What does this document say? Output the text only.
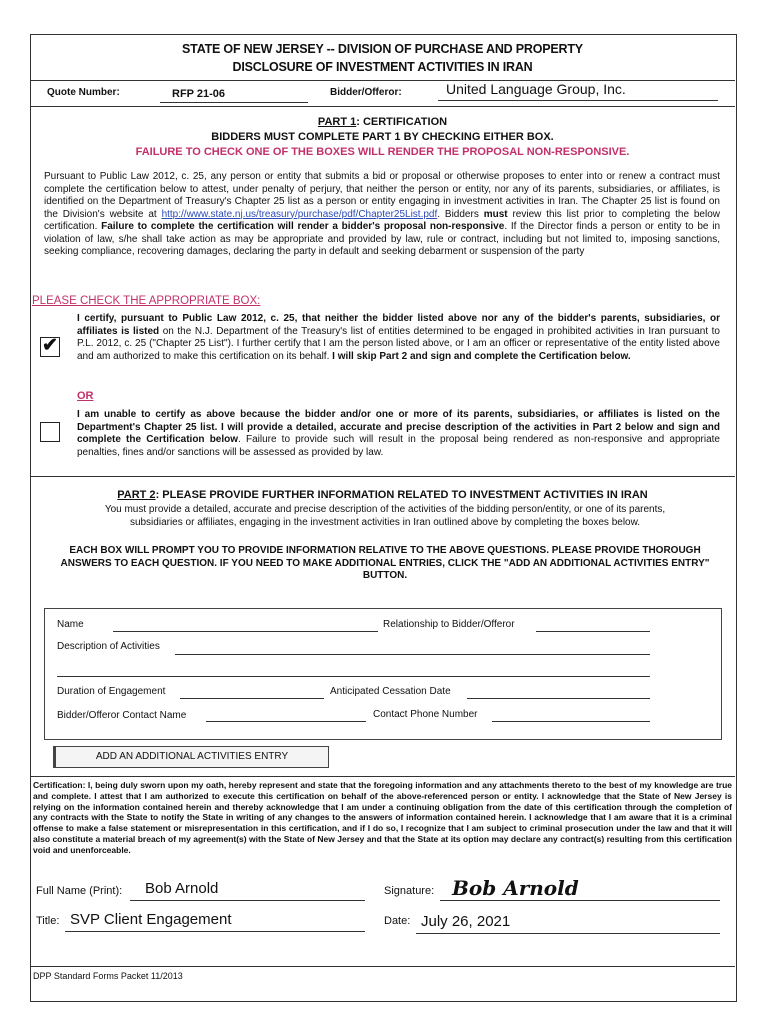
STATE OF NEW JERSEY -- DIVISION OF PURCHASE AND PROPERTY
DISCLOSURE OF INVESTMENT ACTIVITIES IN IRAN
Quote Number:	RFP 21-06	Bidder/Offeror:	United Language Group, Inc.
PART 1: CERTIFICATION
BIDDERS MUST COMPLETE PART 1 BY CHECKING EITHER BOX.
FAILURE TO CHECK ONE OF THE BOXES WILL RENDER THE PROPOSAL NON-RESPONSIVE.
Pursuant to Public Law 2012, c. 25, any person or entity that submits a bid or proposal or otherwise proposes to enter into or renew a contract must complete the certification below to attest, under penalty of perjury, that neither the person or entity, nor any of its parents, subsidiaries, or affiliates, is identified on the Department of Treasury's Chapter 25 list as a person or entity engaging in investment activities in Iran. The Chapter 25 list is found on the Division's website at http://www.state.nj.us/treasury/purchase/pdf/Chapter25List.pdf. Bidders must review this list prior to completing the below certification. Failure to complete the certification will render a bidder's proposal non-responsive. If the Director finds a person or entity to be in violation of law, s/he shall take action as may be appropriate and provided by law, rule or contract, including but not limited to, imposing sanctions, seeking compliance, recovering damages, declaring the party in default and seeking debarment or suspension of the party
PLEASE CHECK THE APPROPRIATE BOX:
✔
I certify, pursuant to Public Law 2012, c. 25, that neither the bidder listed above nor any of the bidder's parents, subsidiaries, or affiliates is listed on the N.J. Department of the Treasury's list of entities determined to be engaged in prohibited activities in Iran pursuant to P.L. 2012, c. 25 ("Chapter 25 List"). I further certify that I am the person listed above, or I am an officer or representative of the entity listed above and am authorized to make this certification on its behalf. I will skip Part 2 and sign and complete the Certification below.
OR
I am unable to certify as above because the bidder and/or one or more of its parents, subsidiaries, or affiliates is listed on the Department's Chapter 25 list. I will provide a detailed, accurate and precise description of the activities in Part 2 below and sign and complete the Certification below. Failure to provide such will result in the proposal being rendered as non-responsive and appropriate penalties, fines and/or sanctions will be assessed as provided by law.
PART 2: PLEASE PROVIDE FURTHER INFORMATION RELATED TO INVESTMENT ACTIVITIES IN IRAN
You must provide a detailed, accurate and precise description of the activities of the bidding person/entity, or one of its parents, subsidiaries or affiliates, engaging in the investment activities in Iran outlined above by completing the boxes below.
EACH BOX WILL PROMPT YOU TO PROVIDE INFORMATION RELATIVE TO THE ABOVE QUESTIONS. PLEASE PROVIDE THOROUGH ANSWERS TO EACH QUESTION. IF YOU NEED TO MAKE ADDITIONAL ENTRIES, CLICK THE "ADD AN ADDITIONAL ACTIVITIES ENTRY" BUTTON.
Name	Relationship to Bidder/Offeror
Description of Activities
Duration of Engagement	Anticipated Cessation Date
Bidder/Offeror Contact Name	Contact Phone Number
ADD AN ADDITIONAL ACTIVITIES ENTRY
Certification: I, being duly sworn upon my oath, hereby represent and state that the foregoing information and any attachments thereto to the best of my knowledge are true and complete. I attest that I am authorized to execute this certification on behalf of the above-referenced person or entity. I acknowledge that the State of New Jersey is relying on the information contained herein and thereby acknowledge that I am under a continuing obligation from the date of this certification through the completion of any contracts with the State to notify the State in writing of any changes to the answers of information contained herein. I acknowledge that I am aware that it is a criminal offense to make a false statement or misrepresentation in this certification, and if I do so, I recognize that I am subject to criminal prosecution under the law and that it will also constitute a material breach of my agreement(s) with the State of New Jersey and that the State at its option may declare any contract(s) resulting from this certification void and unenforceable.
Full Name (Print): Bob Arnold	Signature: Bob Arnold
Title: SVP Client Engagement	Date: July 26, 2021
DPP Standard Forms Packet 11/2013
